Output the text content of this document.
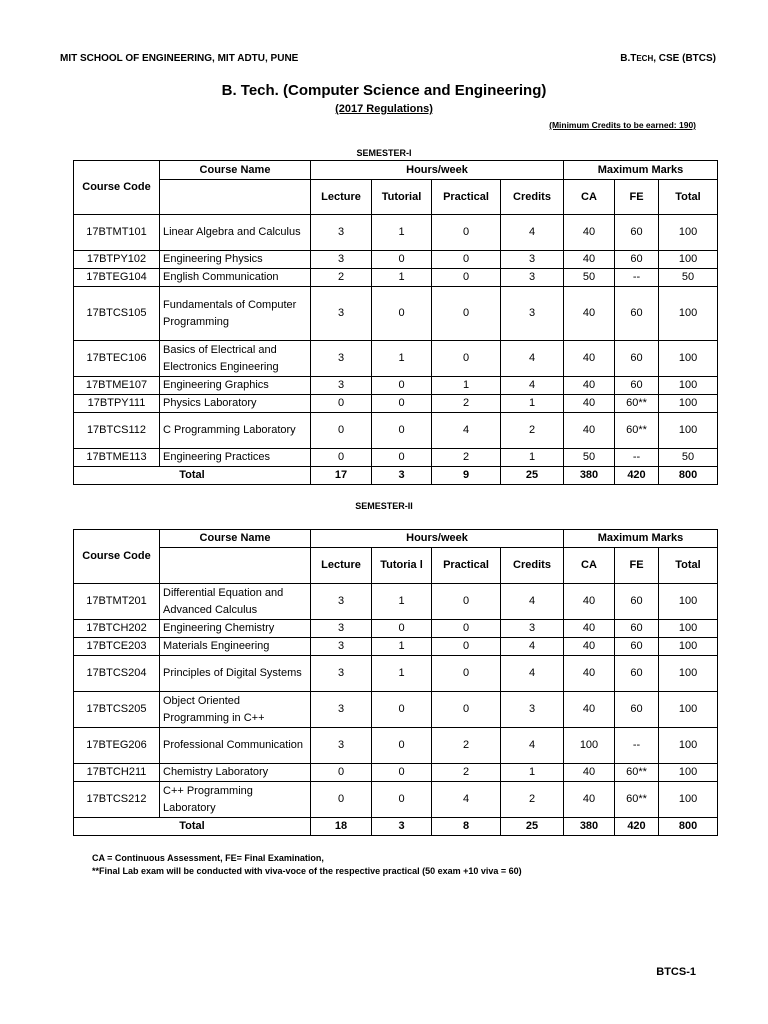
MIT SCHOOL OF ENGINEERING, MIT ADTU, PUNE	B.TECH, CSE (BTCS)
B. Tech. (Computer Science and Engineering)
(2017 Regulations)
(Minimum Credits to be earned: 190)
SEMESTER-I
Course Code	Course Name	Hours/week				Maximum Marks		
		Lecture	Tutorial	Practical	Credits	CA	FE	Total
17BTMT101	Linear Algebra and Calculus	3	1	0	4	40	60	100
17BTPY102	Engineering Physics	3	0	0	3	40	60	100
17BTEG104	English Communication	2	1	0	3	50	--	50
17BTCS105	Fundamentals of Computer Programming	3	0	0	3	40	60	100
17BTEC106	Basics of Electrical and Electronics Engineering	3	1	0	4	40	60	100
17BTME107	Engineering Graphics	3	0	1	4	40	60	100
17BTPY111	Physics Laboratory	0	0	2	1	40	60**	100
17BTCS112	C Programming Laboratory	0	0	4	2	40	60**	100
17BTME113	Engineering Practices	0	0	2	1	50	--	50
Total		17	3	9	25	380	420	800
SEMESTER-II
Course Code	Course Name	Hours/week				Maximum Marks		
		Lecture	Tutoria l	Practical	Credits	CA	FE	Total
17BTMT201	Differential Equation and Advanced Calculus	3	1	0	4	40	60	100
17BTCH202	Engineering Chemistry	3	0	0	3	40	60	100
17BTCE203	Materials Engineering	3	1	0	4	40	60	100
17BTCS204	Principles of Digital Systems	3	1	0	4	40	60	100
17BTCS205	Object Oriented Programming in C++	3	0	0	3	40	60	100
17BTEG206	Professional Communication	3	0	2	4	100	--	100
17BTCH211	Chemistry Laboratory	0	0	2	1	40	60**	100
17BTCS212	C++ Programming Laboratory	0	0	4	2	40	60**	100
Total		18	3	8	25	380	420	800
CA = Continuous Assessment, FE= Final Examination,
**Final Lab exam will be conducted with viva-voce of the respective practical (50 exam +10 viva = 60)
BTCS-1
